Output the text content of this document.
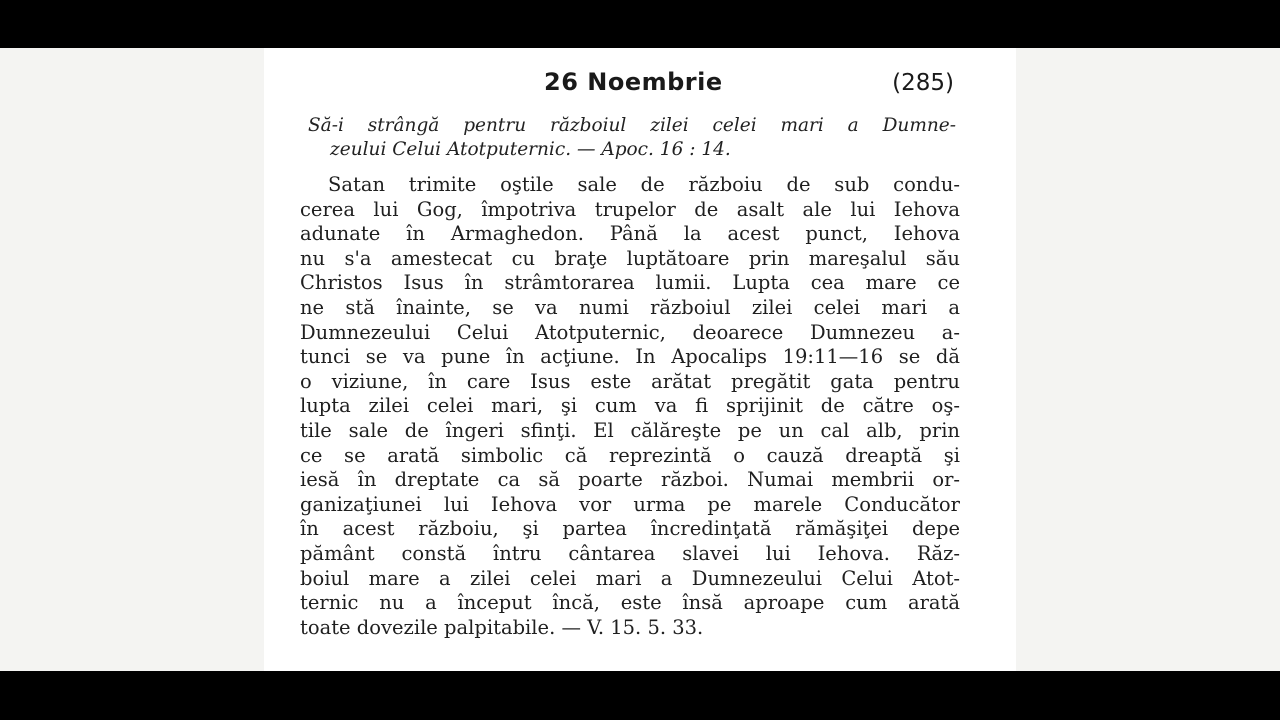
26 Noembrie	(285)
Să-i strângă pentru războiul zilei celei mari a Dumne-
zeului Celui Atotputernic. — Apoc. 16 : 14.
Satan trimite oştile sale de războiu de sub condu-
cerea lui Gog, împotriva trupelor de asalt ale lui Iehova
adunate în Armaghedon. Până la acest punct, Iehova
nu s'a amestecat cu braţe luptătoare prin mareşalul său
Christos Isus în strâmtorarea lumii. Lupta cea mare ce
ne stă înainte, se va numi războiul zilei celei mari a
Dumnezeului Celui Atotputernic, deoarece Dumnezeu a-
tunci se va pune în acţiune. In Apocalips 19:11—16 se dă
o viziune, în care Isus este arătat pregătit gata pentru
lupta zilei celei mari, şi cum va fi sprijinit de către oş-
tile sale de îngeri sfinţi. El călăreşte pe un cal alb, prin
ce se arată simbolic că reprezintă o cauză dreaptă şi
iesă în dreptate ca să poarte război. Numai membrii or-
ganizaţiunei lui Iehova vor urma pe marele Conducător
în acest războiu, şi partea încredinţată rămăşiţei depe
pământ constă întru cântarea slavei lui Iehova. Răz-
boiul mare a zilei celei mari a Dumnezeului Celui Atot-
ternic nu a început încă, este însă aproape cum arată
toate dovezile palpitabile. — V. 15. 5. 33.
